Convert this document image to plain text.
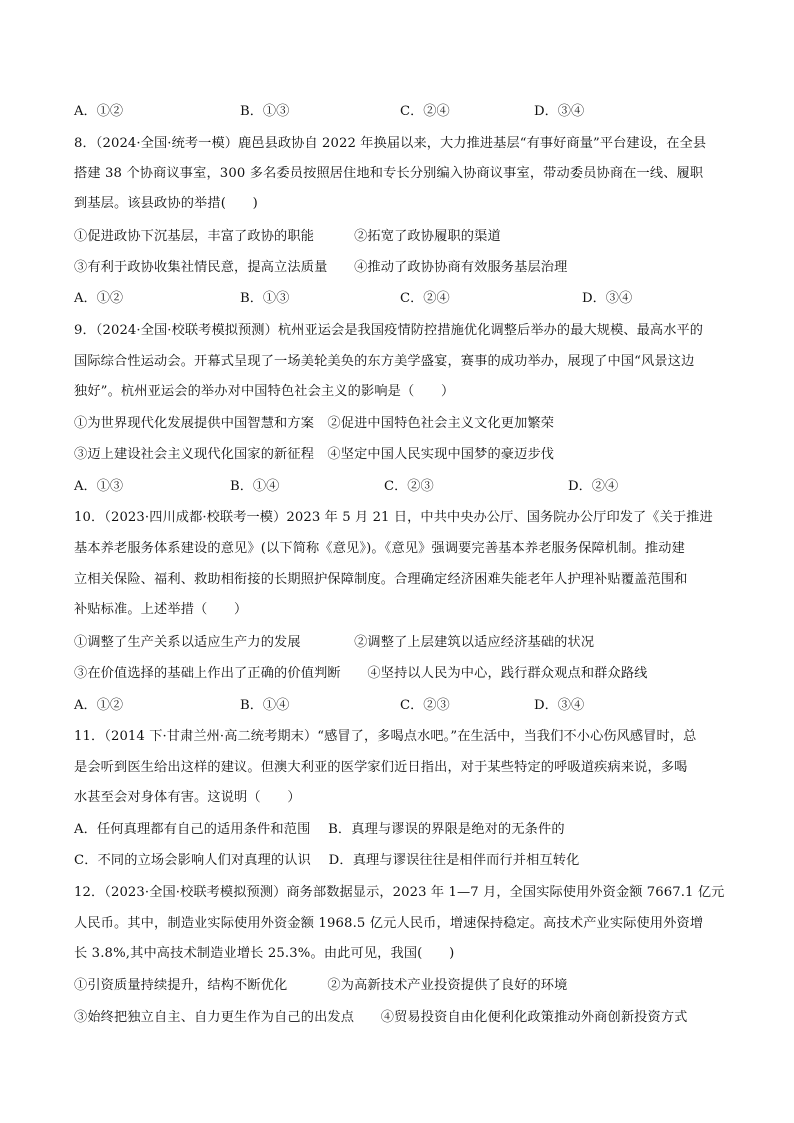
A．①②	B．①③	C．②④	D．③④
8．（2024·全国·统考一模）鹿邑县政协自 2022 年换届以来，大力推进基层“有事好商量”平台建设，在全县
搭建 38 个协商议事室，300 多名委员按照居住地和专长分别编入协商议事室，带动委员协商在一线、履职
到基层。该县政协的举措(　　)
①促进政协下沉基层，丰富了政协的职能　　　②拓宽了政协履职的渠道
③有利于政协收集社情民意，提高立法质量　　④推动了政协协商有效服务基层治理
A．①②	B．①③	C．②④	D．③④
9．（2024·全国·校联考模拟预测）杭州亚运会是我国疫情防控措施优化调整后举办的最大规模、最高水平的
国际综合性运动会。开幕式呈现了一场美轮美奂的东方美学盛宴，赛事的成功举办，展现了中国“风景这边
独好”。杭州亚运会的举办对中国特色社会主义的影响是（　　）
①为世界现代化发展提供中国智慧和方案　②促进中国特色社会主义文化更加繁荣
③迈上建设社会主义现代化国家的新征程　④坚定中国人民实现中国梦的豪迈步伐
A．①③	B．①④	C．②③	D．②④
10．（2023·四川成都·校联考一模）2023 年 5 月 21 日，中共中央办公厅、国务院办公厅印发了《关于推进
基本养老服务体系建设的意见》(以下简称《意见》)。《意见》强调要完善基本养老服务保障机制。推动建
立相关保险、福利、救助相衔接的长期照护保障制度。合理确定经济困难失能老年人护理补贴覆盖范围和
补贴标准。上述举措（　　）
①调整了生产关系以适应生产力的发展　　　　②调整了上层建筑以适应经济基础的状况
③在价值选择的基础上作出了正确的价值判断　　④坚持以人民为中心，践行群众观点和群众路线
A．①②	B．①④	C．②③	D．③④
11．（2014 下·甘肃兰州·高二统考期末）“感冒了，多喝点水吧。”在生活中，当我们不小心伤风感冒时，总
是会听到医生给出这样的建议。但澳大利亚的医学家们近日指出，对于某些特定的呼吸道疾病来说，多喝
水甚至会对身体有害。这说明（　　）
A．任何真理都有自己的适用条件和范围　 B．真理与谬误的界限是绝对的无条件的
C．不同的立场会影响人们对真理的认识　 D．真理与谬误往往是相伴而行并相互转化
12．（2023·全国·校联考模拟预测）商务部数据显示，2023 年 1—7 月，全国实际使用外资金额 7667.1 亿元
人民币。其中，制造业实际使用外资金额 1968.5 亿元人民币，增速保持稳定。高技术产业实际使用外资增
长 3.8%,其中高技术制造业增长 25.3%。由此可见，我国(　　)
①引资质量持续提升，结构不断优化　　　②为高新技术产业投资提供了良好的环境
③始终把独立自主、自力更生作为自己的出发点　　④贸易投资自由化便利化政策推动外商创新投资方式
